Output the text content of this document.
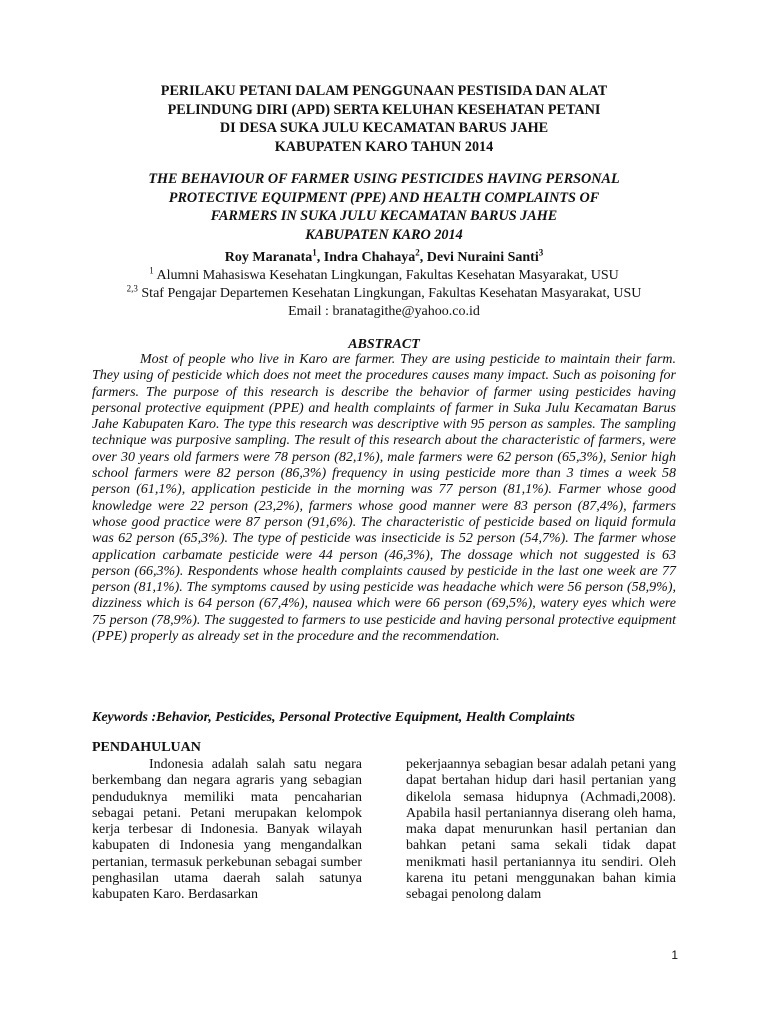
PERILAKU PETANI DALAM PENGGUNAAN PESTISIDA DAN ALAT
PELINDUNG DIRI (APD) SERTA KELUHAN KESEHATAN PETANI
DI DESA SUKA JULU KECAMATAN BARUS JAHE
KABUPATEN KARO TAHUN 2014
THE BEHAVIOUR OF FARMER USING PESTICIDES HAVING PERSONAL
PROTECTIVE EQUIPMENT (PPE) AND HEALTH COMPLAINTS OF
FARMERS IN SUKA JULU KECAMATAN BARUS JAHE
KABUPATEN KARO 2014
Roy Maranata$^1$, Indra Chahaya$^2$, Devi Nuraini Santi$^3$
$^1$ Alumni Mahasiswa Kesehatan Lingkungan, Fakultas Kesehatan Masyarakat, USU
$^{2,3}$ Staf Pengajar Departemen Kesehatan Lingkungan, Fakultas Kesehatan Masyarakat, USU
Email : branatagithe@yahoo.co.id
ABSTRACT

Most of people who live in Karo are farmer. They are using pesticide to maintain their farm. They using of pesticide which does not meet the procedures causes many impact. Such as poisoning for farmers. The purpose of this research is describe the behavior of farmer using pesticides having personal protective equipment (PPE) and health complaints of farmer in Suka Julu Kecamatan Barus Jahe Kabupaten Karo. The type this research was descriptive with 95 person as samples. The sampling technique was purposive sampling. The result of this research about the characteristic of farmers, were over 30 years old farmers were 78 person (82,1%), male farmers were 62 person (65,3%), Senior high school farmers were 82 person (86,3%) frequency in using pesticide more than 3 times a week 58 person (61,1%), application pesticide in the morning was 77 person (81,1%). Farmer whose good knowledge were 22 person (23,2%), farmers whose good manner were 83 person (87,4%), farmers whose good practice were 87 person (91,6%). The characteristic of pesticide based on liquid formula was 62 person (65,3%). The type of pesticide was insecticide is 52 person (54,7%). The farmer whose application carbamate pesticide were 44 person (46,3%), The dossage which not suggested is 63 person (66,3%). Respondents whose health complaints caused by pesticide in the last one week are 77 person (81,1%). The symptoms caused by using pesticide was headache which were 56 person (58,9%), dizziness which is 64 person (67,4%), nausea which were 66 person (69,5%), watery eyes which were 75 person (78,9%). The suggested to farmers to use pesticide and having personal protective equipment (PPE) properly as already set in the procedure and the recommendation.

Keywords :Behavior, Pesticides, Personal Protective Equipment, Health Complaints
PENDAHULUAN

Indonesia adalah salah satu negara berkembang dan negara agraris yang sebagian penduduknya memiliki mata pencaharian sebagai petani. Petani merupakan kelompok kerja terbesar di Indonesia. Banyak wilayah kabupaten di Indonesia yang mengandalkan pertanian, termasuk perkebunan sebagai sumber penghasilan utama daerah salah satunya kabupaten Karo. Berdasarkan

pekerjaannya sebagian besar adalah petani yang dapat bertahan hidup dari hasil pertanian yang dikelola semasa hidupnya (Achmadi,2008). Apabila hasil pertaniannya diserang oleh hama, maka dapat menurunkan hasil pertanian dan bahkan petani sama sekali tidak dapat menikmati hasil pertaniannya itu sendiri. Oleh karena itu petani menggunakan bahan kimia sebagai penolong dalam

1
